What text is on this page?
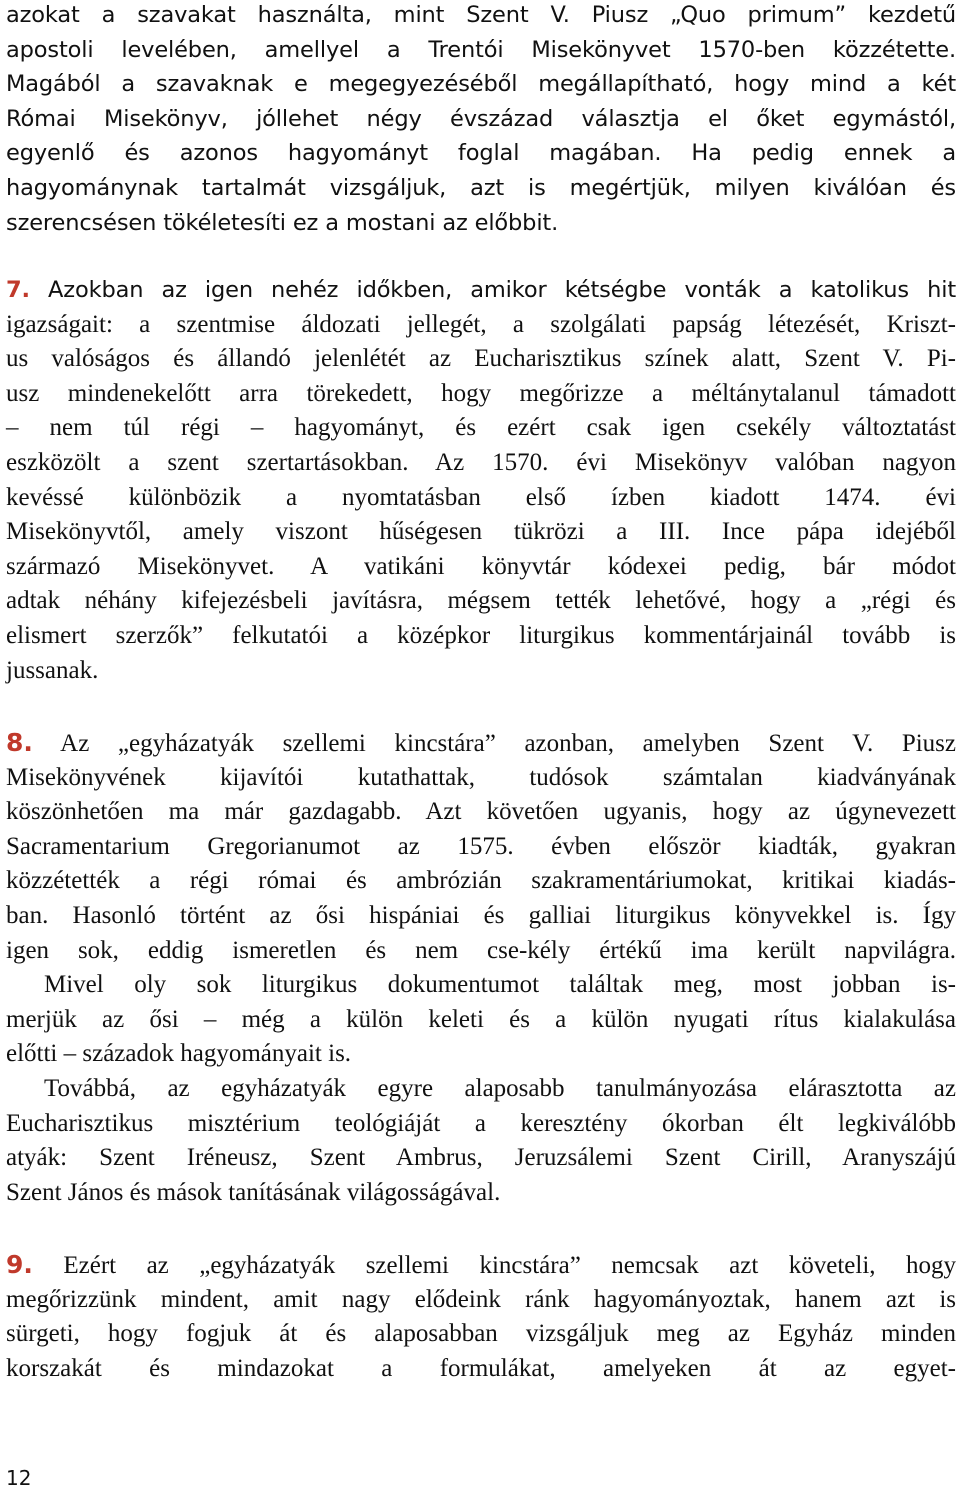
azokat a szavakat használta, mint Szent V. Piusz „Quo primum” kezdetű
apostoli levelében, amellyel a Trentói Misekönyvet 1570-ben közzétette.
Magából a szavaknak e megegyezéséből megállapítható, hogy mind a két
Római Misekönyv, jóllehet négy évszázad választja el őket egymástól,
egyenlő és azonos hagyományt foglal magában. Ha pedig ennek a
hagyománynak tartalmát vizsgáljuk, azt is megértjük, milyen kiválóan és
szerencsésen tökéletesíti ez a mostani az előbbit.
7. Azokban az igen nehéz időkben, amikor kétségbe vonták a katolikus hit
igazságait: a szentmise áldozati jellegét, a szolgálati papság létezését, Kriszt-
us valóságos és állandó jelenlétét az Eucharisztikus színek alatt, Szent V. Pi-
usz mindenekelőtt arra törekedett, hogy megőrizze a méltánytalanul támadott
– nem túl régi – hagyományt, és ezért csak igen csekély változtatást
eszközölt a szent szertartásokban. Az 1570. évi Misekönyv valóban nagyon
kevéssé különbözik a nyomtatásban első ízben kiadott 1474. évi
Misekönyvtől, amely viszont hűségesen tükrözi a III. Ince pápa idejéből
származó Misekönyvet. A vatikáni könyvtár kódexei pedig, bár módot
adtak néhány kifejezésbeli javításra, mégsem tették lehetővé, hogy a „régi és
elismert szerzők” felkutatói a középkor liturgikus kommentárjainál tovább is
jussanak.
8. Az „egyházatyák szellemi kincstára” azonban, amelyben Szent V. Piusz
Misekönyvének kijavítói kutathattak, tudósok számtalan kiadványának
köszönhetően ma már gazdagabb. Azt követően ugyanis, hogy az úgynevezett
Sacramentarium Gregorianumot az 1575. évben először kiadták, gyakran
közzétették a régi római és ambrózián szakramentáriumokat, kritikai kiadás-
ban. Hasonló történt az ősi hispániai és galliai liturgikus könyvekkel is. Így
igen sok, eddig ismeretlen és nem cse-kély értékű ima került napvilágra.
Mivel oly sok liturgikus dokumentumot találtak meg, most jobban is-
merjük az ősi – még a külön keleti és a külön nyugati rítus kialakulása
előtti – századok hagyományait is.
Továbbá, az egyházatyák egyre alaposabb tanulmányozása elárasztotta az
Eucharisztikus misztérium teológiáját a keresztény ókorban élt legkiválóbb
atyák: Szent Iréneusz, Szent Ambrus, Jeruzsálemi Szent Cirill, Aranyszájú
Szent János és mások tanításának világosságával.
9. Ezért az „egyházatyák szellemi kincstára” nemcsak azt követeli, hogy
megőrizzünk mindent, amit nagy elődeink ránk hagyományoztak, hanem azt is
sürgeti, hogy fogjuk át és alaposabban vizsgáljuk meg az Egyház minden
korszakát és mindazokat a formulákat, amelyeken át az egyet-
12
